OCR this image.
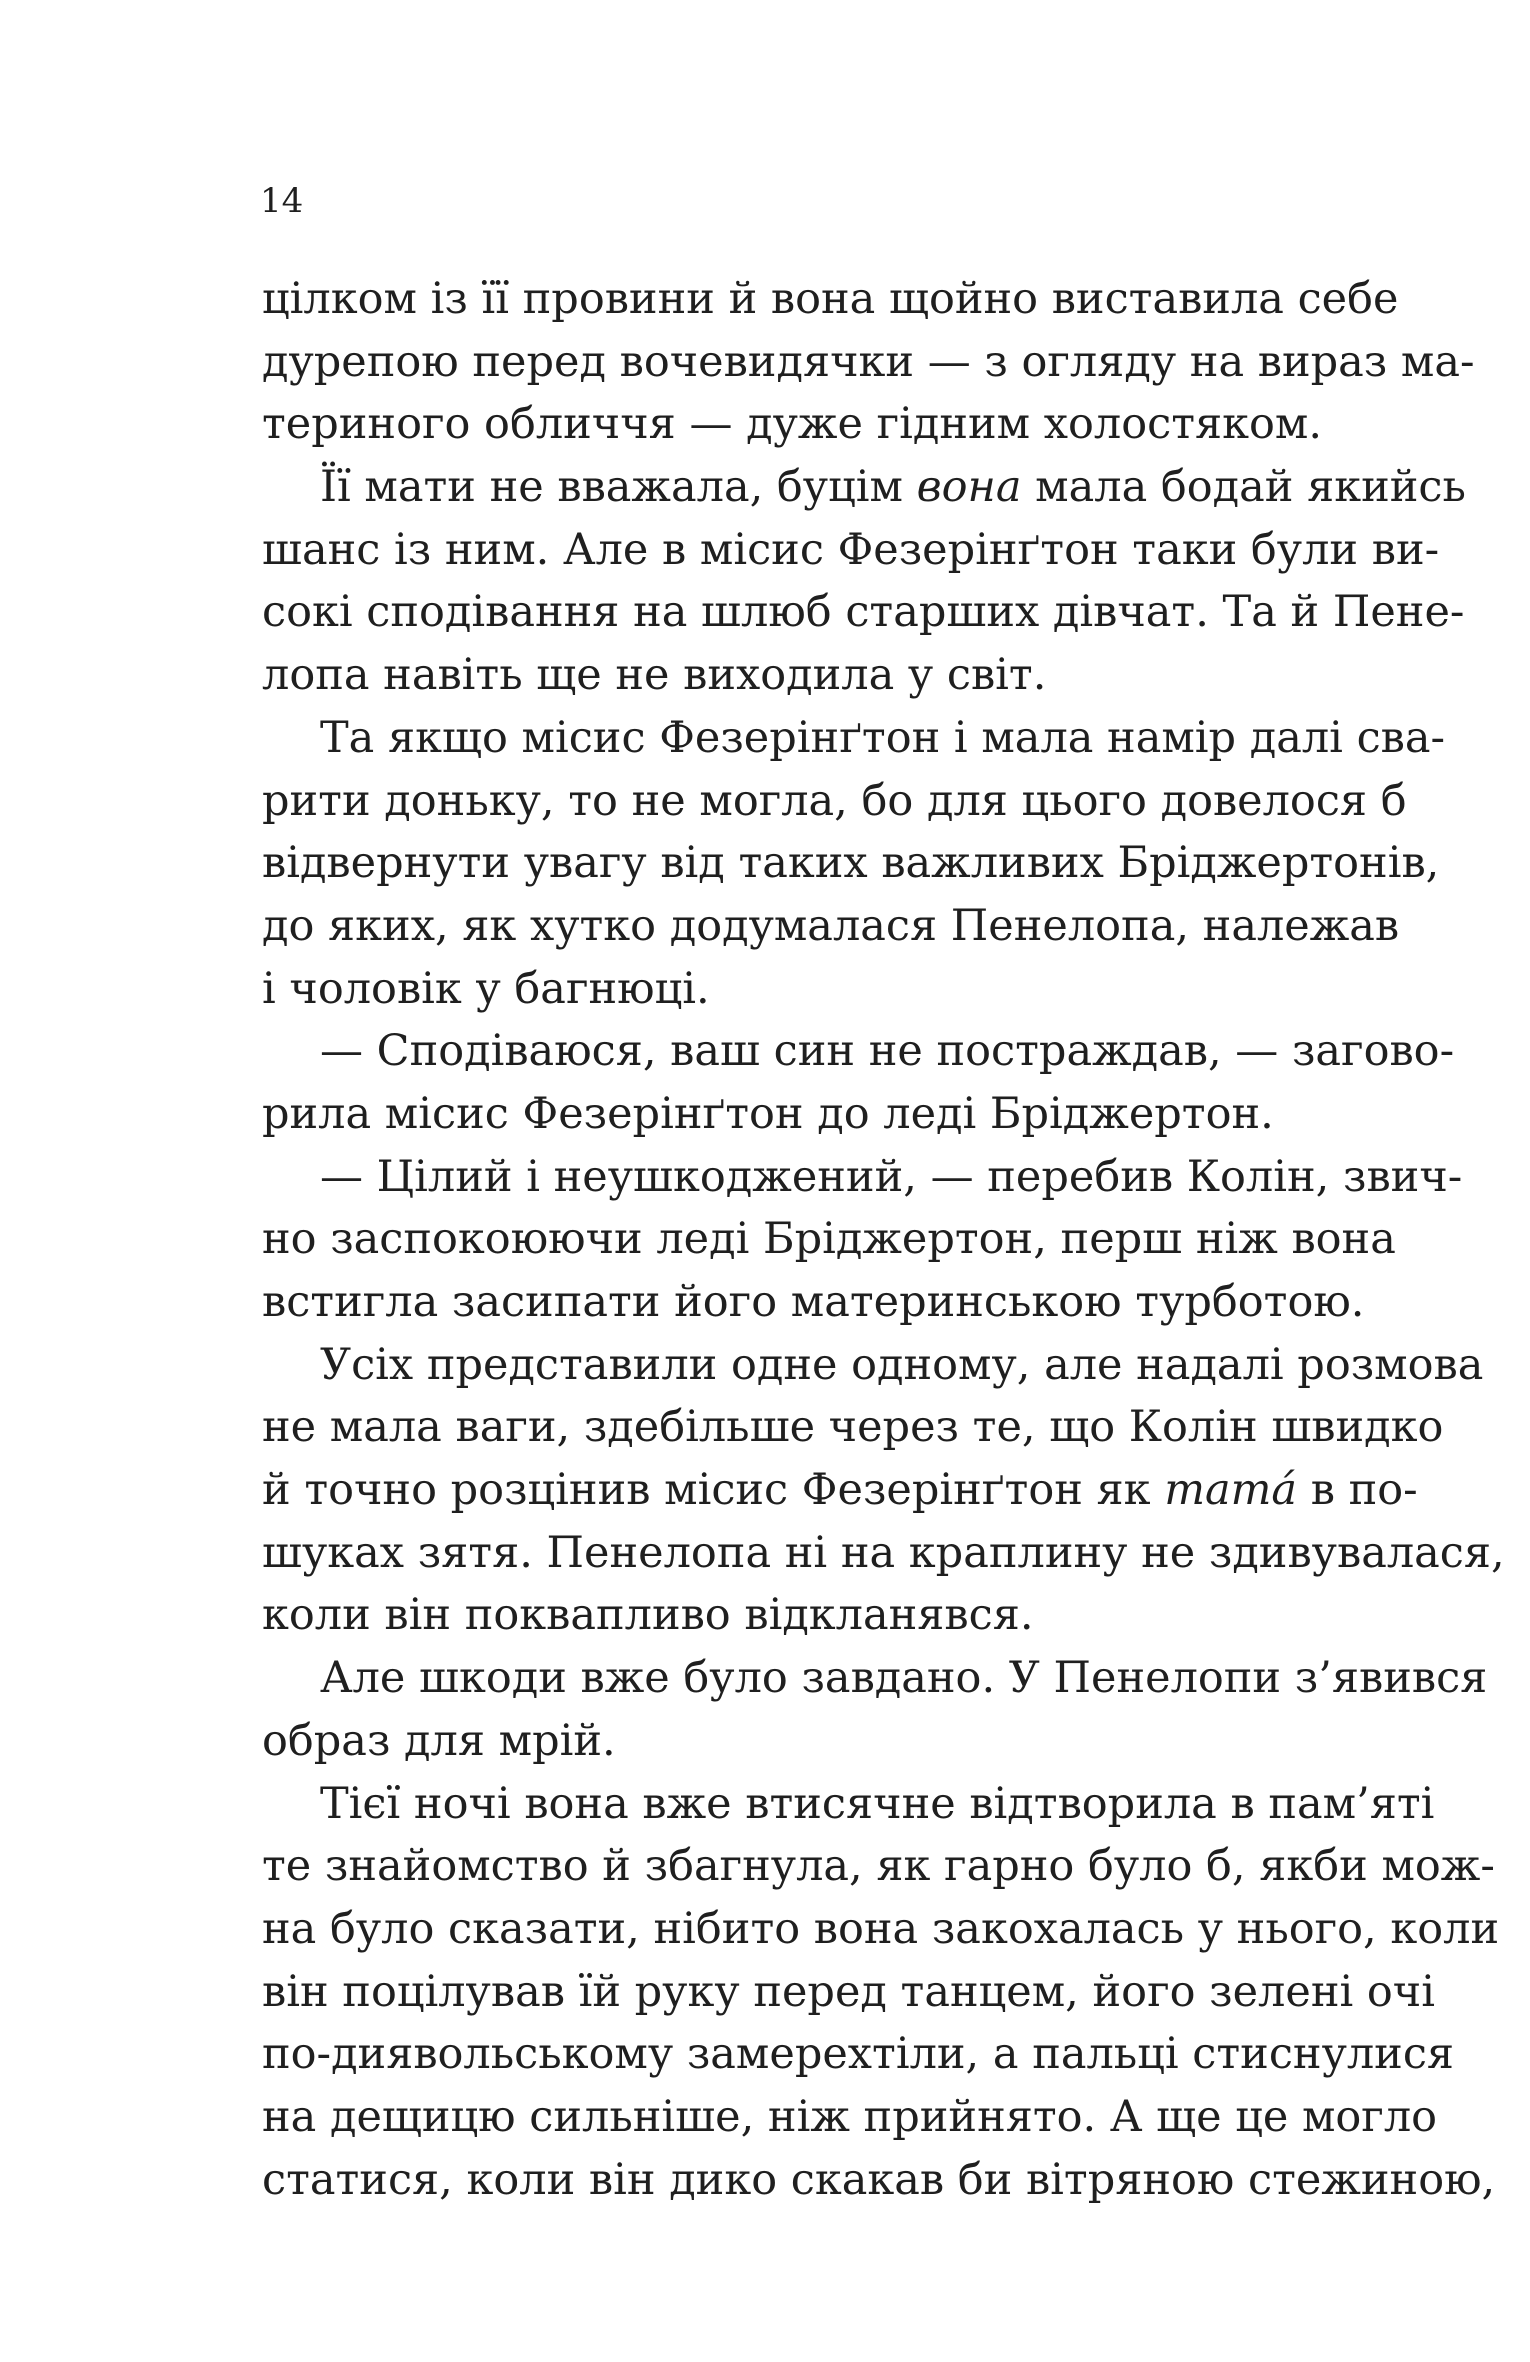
14
цілком із її провини й вона щойно виставила себе
дурепою перед вочевидячки — з огляду на вираз ма-
териного обличчя — дуже гідним холостяком.
Її мати не вважала, буцім вона мала бодай якийсь
шанс із ним. Але в місис Фезерінґтон таки були ви-
сокі сподівання на шлюб старших дівчат. Та й Пене-
лопа навіть ще не виходила у світ.
Та якщо місис Фезерінґтон і мала намір далі сва-
рити доньку, то не могла, бо для цього довелося б
відвернути увагу від таких важливих Бріджертонів,
до яких, як хутко додумалася Пенелопа, належав
і чоловік у багнюці.
— Сподіваюся, ваш син не постраждав, — загово-
рила місис Фезерінґтон до леді Бріджертон.
— Цілий і неушкоджений, — перебив Колін, звич-
но заспокоюючи леді Бріджертон, перш ніж вона
встигла засипати його материнською турботою.
Усіх представили одне одному, але надалі розмова
не мала ваги, здебільше через те, що Колін швидко
й точно розцінив місис Фезерінґтон як тата́ в по-
шуках зятя. Пенелопа ні на краплину не здивувалася,
коли він поквапливо відкланявся.
Але шкоди вже було завдано. У Пенелопи з’явився
образ для мрій.
Тієї ночі вона вже втисячне відтворила в пам’яті
те знайомство й збагнула, як гарно було б, якби мож-
на було сказати, нібито вона закохалась у нього, коли
він поцілував їй руку перед танцем, його зелені очі
по-диявольському замерехтіли, а пальці стиснулися
на дещицю сильніше, ніж прийнято. А ще це могло
статися, коли він дико скакав би вітряною стежиною,
